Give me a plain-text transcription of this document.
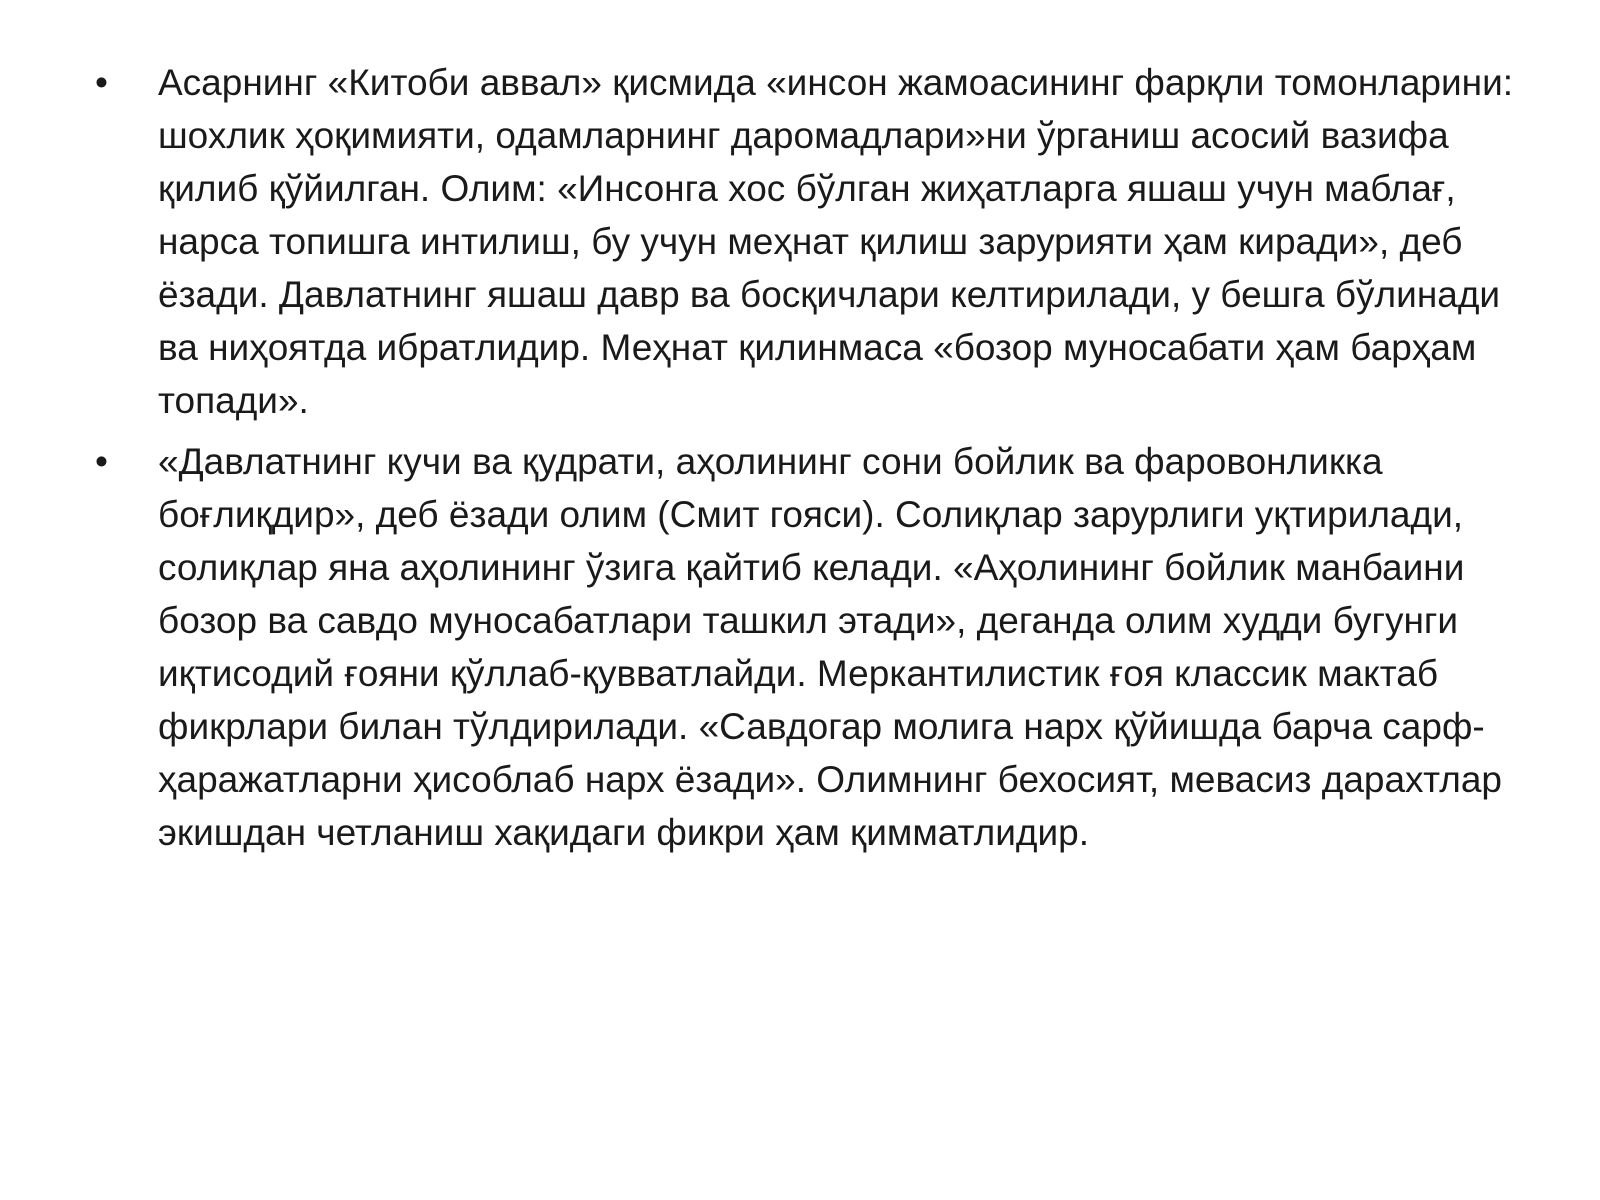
• Асарнинг «Китоби аввал» қисмида «инсон жамоасининг фарқли томонларини: шохлик ҳоқимияти, одамларнинг даромадлари»ни ўрганиш асосий вазифа қилиб қўйилган. Олим: «Инсонга хос бўлган жиҳатларга яшаш учун маблағ, нарса топишга интилиш, бу учун меҳнат қилиш зарурияти ҳам киради», деб ёзади. Давлатнинг яшаш давр ва босқичлари келтирилади, у бешга бўлинади ва ниҳоятда ибратлидир. Меҳнат қилинмаса «бозор муносабати ҳам барҳам топади».
• «Давлатнинг кучи ва қудрати, аҳолининг сони бойлик ва фаровонликка боғлиқдир», деб ёзади олим (Смит гояси). Солиқлар зарурлиги уқтирилади, солиқлар яна аҳолининг ўзига қайтиб келади. «Аҳолининг бойлик манбаини бозор ва савдо муносабатлари ташкил этади», деганда олим худди бугунги иқтисодий ғояни қўллаб-қувватлайди. Меркантилистик ғоя классик мактаб фикрлари билан тўлдирилади. «Савдогар молига нарх қўйишда барча сарф-ҳаражатларни ҳисоблаб нарх ёзади». Олимнинг бехосият, мевасиз дарахтлар экишдан четланиш хақидаги фикри ҳам қимматлидир.
